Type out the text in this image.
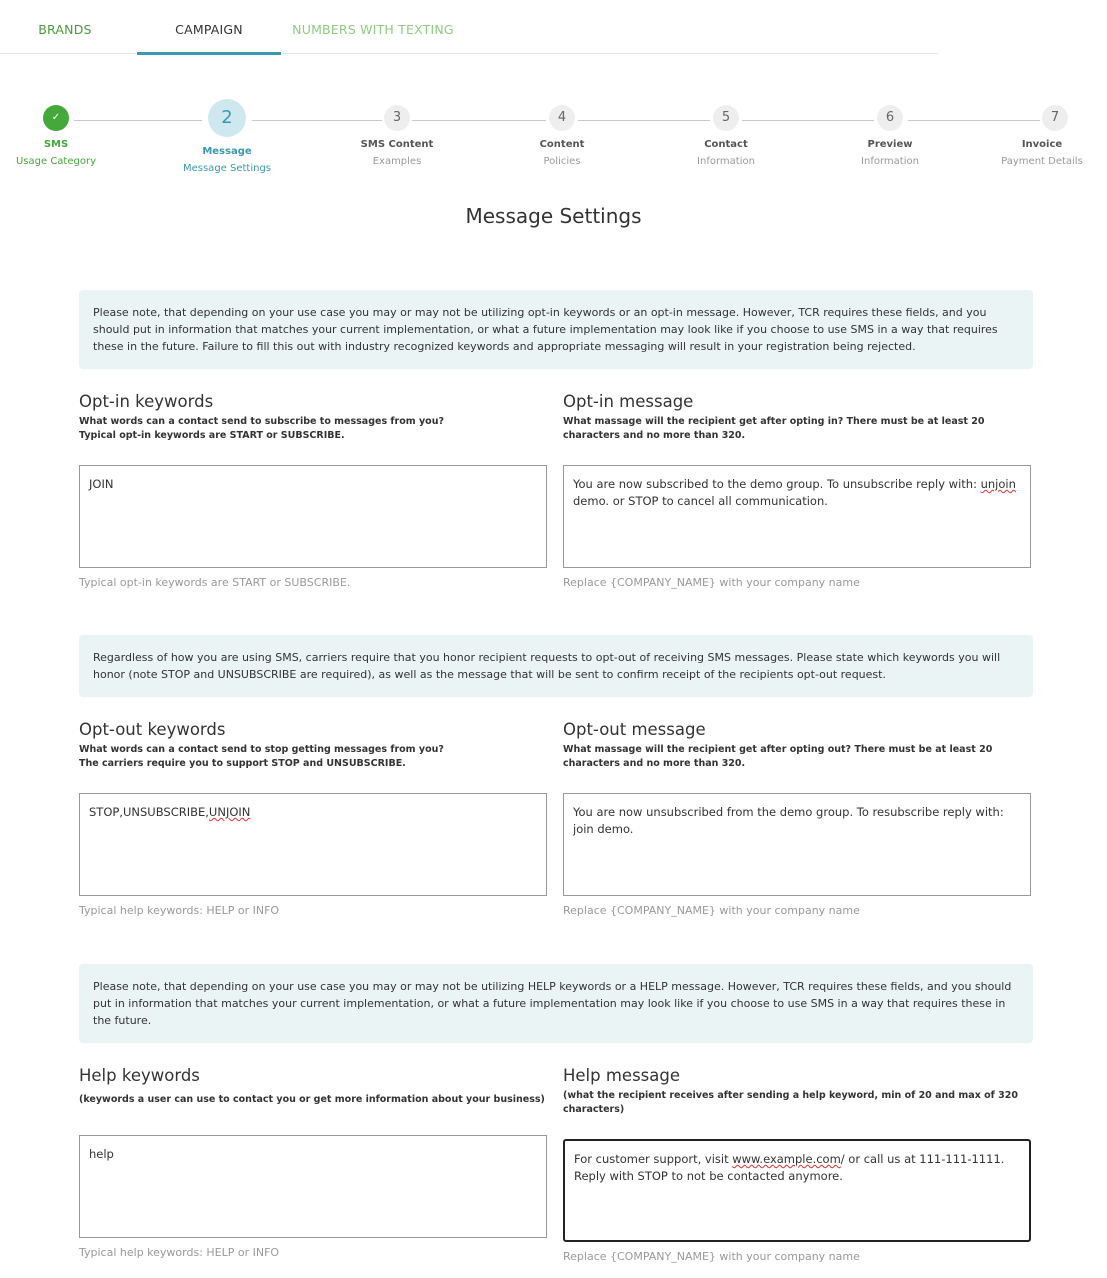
BRANDS	CAMPAIGN	NUMBERS WITH TEXTING
✓
SMS
Usage Category
2
Message
Message Settings
3
SMS Content
Examples
4
Content
Policies
5
Contact
Information
6
Preview
Information
7
Invoice
Payment Details
Message Settings
Please note, that depending on your use case you may or may not be utilizing opt-in keywords or an opt-in message. However, TCR requires these fields, and you should put in information that matches your current implementation, or what a future implementation may look like if you choose to use SMS in a way that requires these in the future. Failure to fill this out with industry recognized keywords and appropriate messaging will result in your registration being rejected.
Opt-in keywords
What words can a contact send to subscribe to messages from you?
Typical opt-in keywords are START or SUBSCRIBE.
JOIN
Typical opt-in keywords are START or SUBSCRIBE.
Opt-in message
What massage will the recipient get after opting in? There must be at least 20 characters and no more than 320.
You are now subscribed to the demo group. To unsubscribe reply with: unjoin demo. or STOP to cancel all communication.
Replace {COMPANY_NAME} with your company name
Regardless of how you are using SMS, carriers require that you honor recipient requests to opt-out of receiving SMS messages. Please state which keywords you will honor (note STOP and UNSUBSCRIBE are required), as well as the message that will be sent to confirm receipt of the recipients opt-out request.
Opt-out keywords
What words can a contact send to stop getting messages from you?
The carriers require you to support STOP and UNSUBSCRIBE.
STOP,UNSUBSCRIBE,UNJOIN
Typical help keywords: HELP or INFO
Opt-out message
What massage will the recipient get after opting out? There must be at least 20 characters and no more than 320.
You are now unsubscribed from the demo group. To resubscribe reply with: join demo.
Replace {COMPANY_NAME} with your company name
Please note, that depending on your use case you may or may not be utilizing HELP keywords or a HELP message. However, TCR requires these fields, and you should put in information that matches your current implementation, or what a future implementation may look like if you choose to use SMS in a way that requires these in the future.
Help keywords
(keywords a user can use to contact you or get more information about your business)
help
Typical help keywords: HELP or INFO
Help message
(what the recipient receives after sending a help keyword, min of 20 and max of 320 characters)
For customer support, visit www.example.com/ or call us at 111-111-1111. Reply with STOP to not be contacted anymore.
Replace {COMPANY_NAME} with your company name
